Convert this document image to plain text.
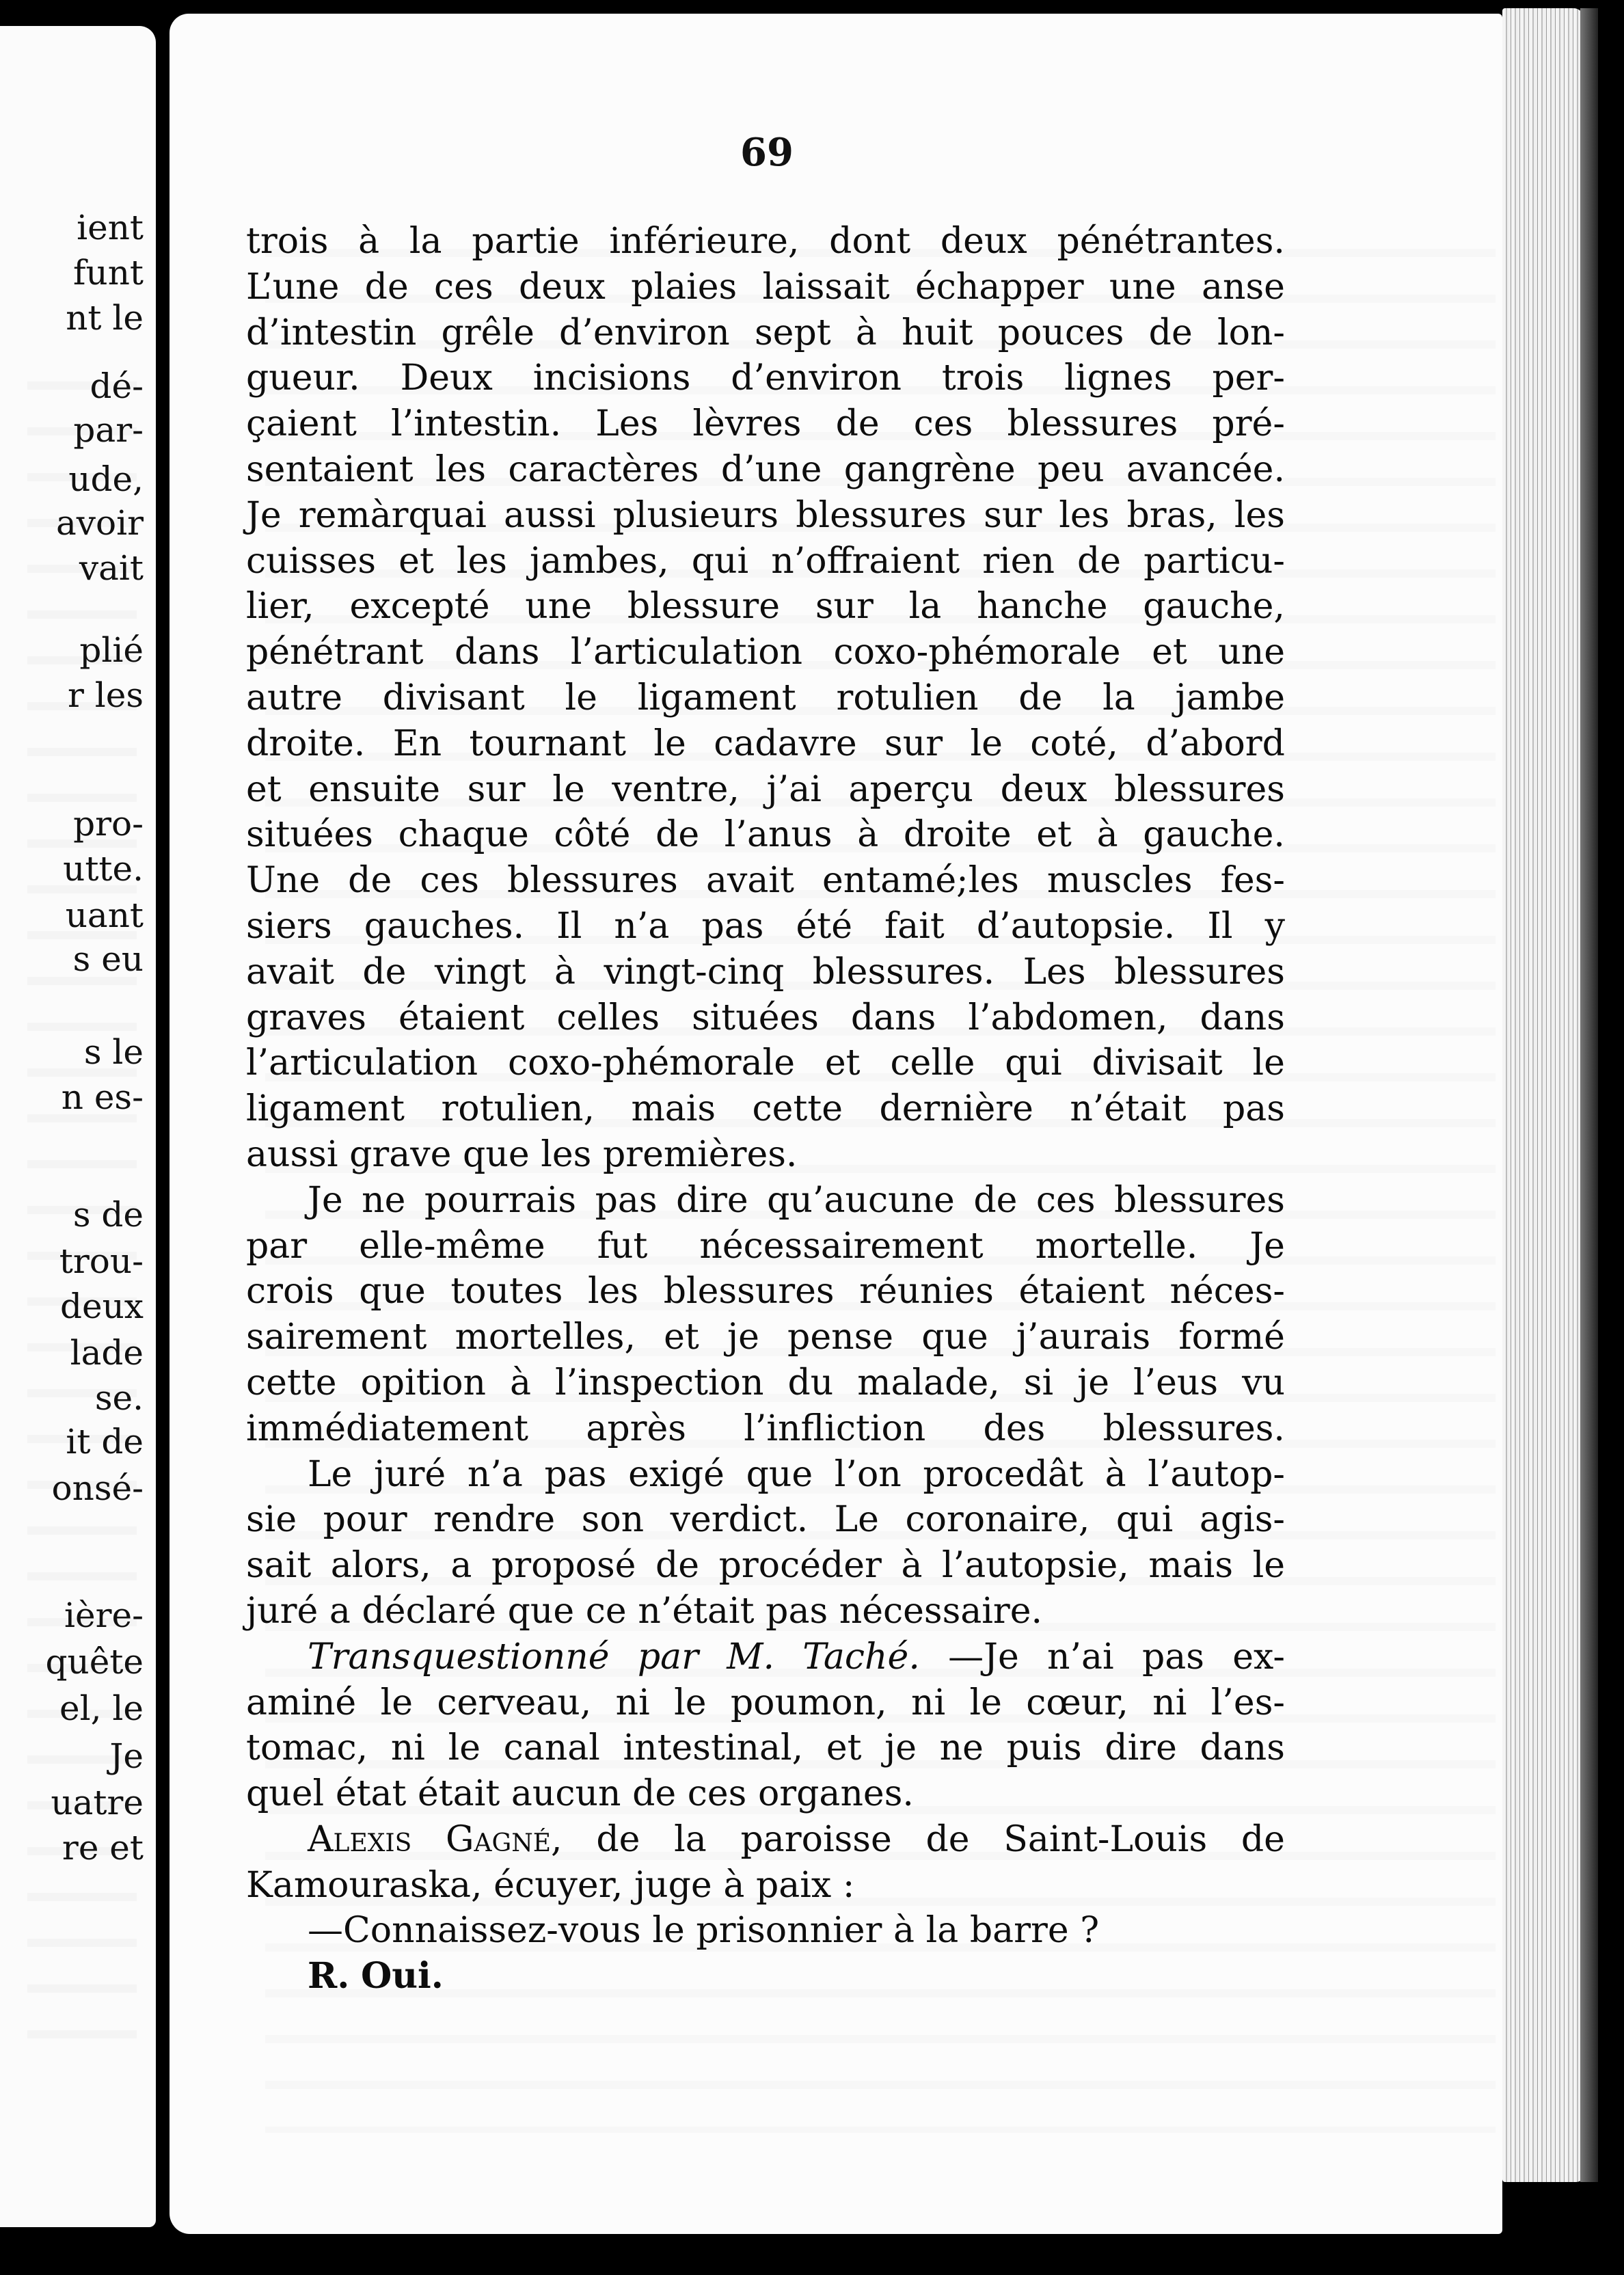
ient
funt
nt le
dé-
par-
ude,
avoir
vait
plié
r les
pro-
utte.
uant
s eu
s le
n es-
s de
trou-
deux
lade
se.
it de
onsé-
ière-
quête
el, le
Je
uatre
re et
69
trois à la partie inférieure, dont deux pénétrantes.
L’une de ces deux plaies laissait échapper une anse
d’intestin grêle d’environ sept à huit pouces de lon-
gueur. Deux incisions d’environ trois lignes per-
çaient l’intestin. Les lèvres de ces blessures pré-
sentaient les caractères d’une gangrène peu avancée.
Je remàrquai aussi plusieurs blessures sur les bras, les
cuisses et les jambes, qui n’offraient rien de particu-
lier, excepté une blessure sur la hanche gauche,
pénétrant dans l’articulation coxo-phémorale et une
autre divisant le ligament rotulien de la jambe
droite. En tournant le cadavre sur le coté, d’abord
et ensuite sur le ventre, j’ai aperçu deux blessures
situées chaque côté de l’anus à droite et à gauche.
Une de ces blessures avait entamé;les muscles fes-
siers gauches. Il n’a pas été fait d’autopsie. Il y
avait de vingt à vingt-cinq blessures. Les blessures
graves étaient celles situées dans l’abdomen, dans
l’articulation coxo-phémorale et celle qui divisait le
ligament rotulien, mais cette dernière n’était pas
aussi grave que les premières.
Je ne pourrais pas dire qu’aucune de ces blessures
par elle-même fut nécessairement mortelle. Je
crois que toutes les blessures réunies étaient néces-
sairement mortelles, et je pense que j’aurais formé
cette opition à l’inspection du malade, si je l’eus vu
immédiatement après l’infliction des blessures.
Le juré n’a pas exigé que l’on procedât à l’autop-
sie pour rendre son verdict. Le coronaire, qui agis-
sait alors, a proposé de procéder à l’autopsie, mais le
juré a déclaré que ce n’était pas nécessaire.
Transquestionné par M. Taché. —Je n’ai pas ex-
aminé le cerveau, ni le poumon, ni le cœur, ni l’es-
tomac, ni le canal intestinal, et je ne puis dire dans
quel état était aucun de ces organes.
Alexis Gagné, de la paroisse de Saint-Louis de
Kamouraska, écuyer, juge à paix :
—Connaissez-vous le prisonnier à la barre ?
R. Oui.
